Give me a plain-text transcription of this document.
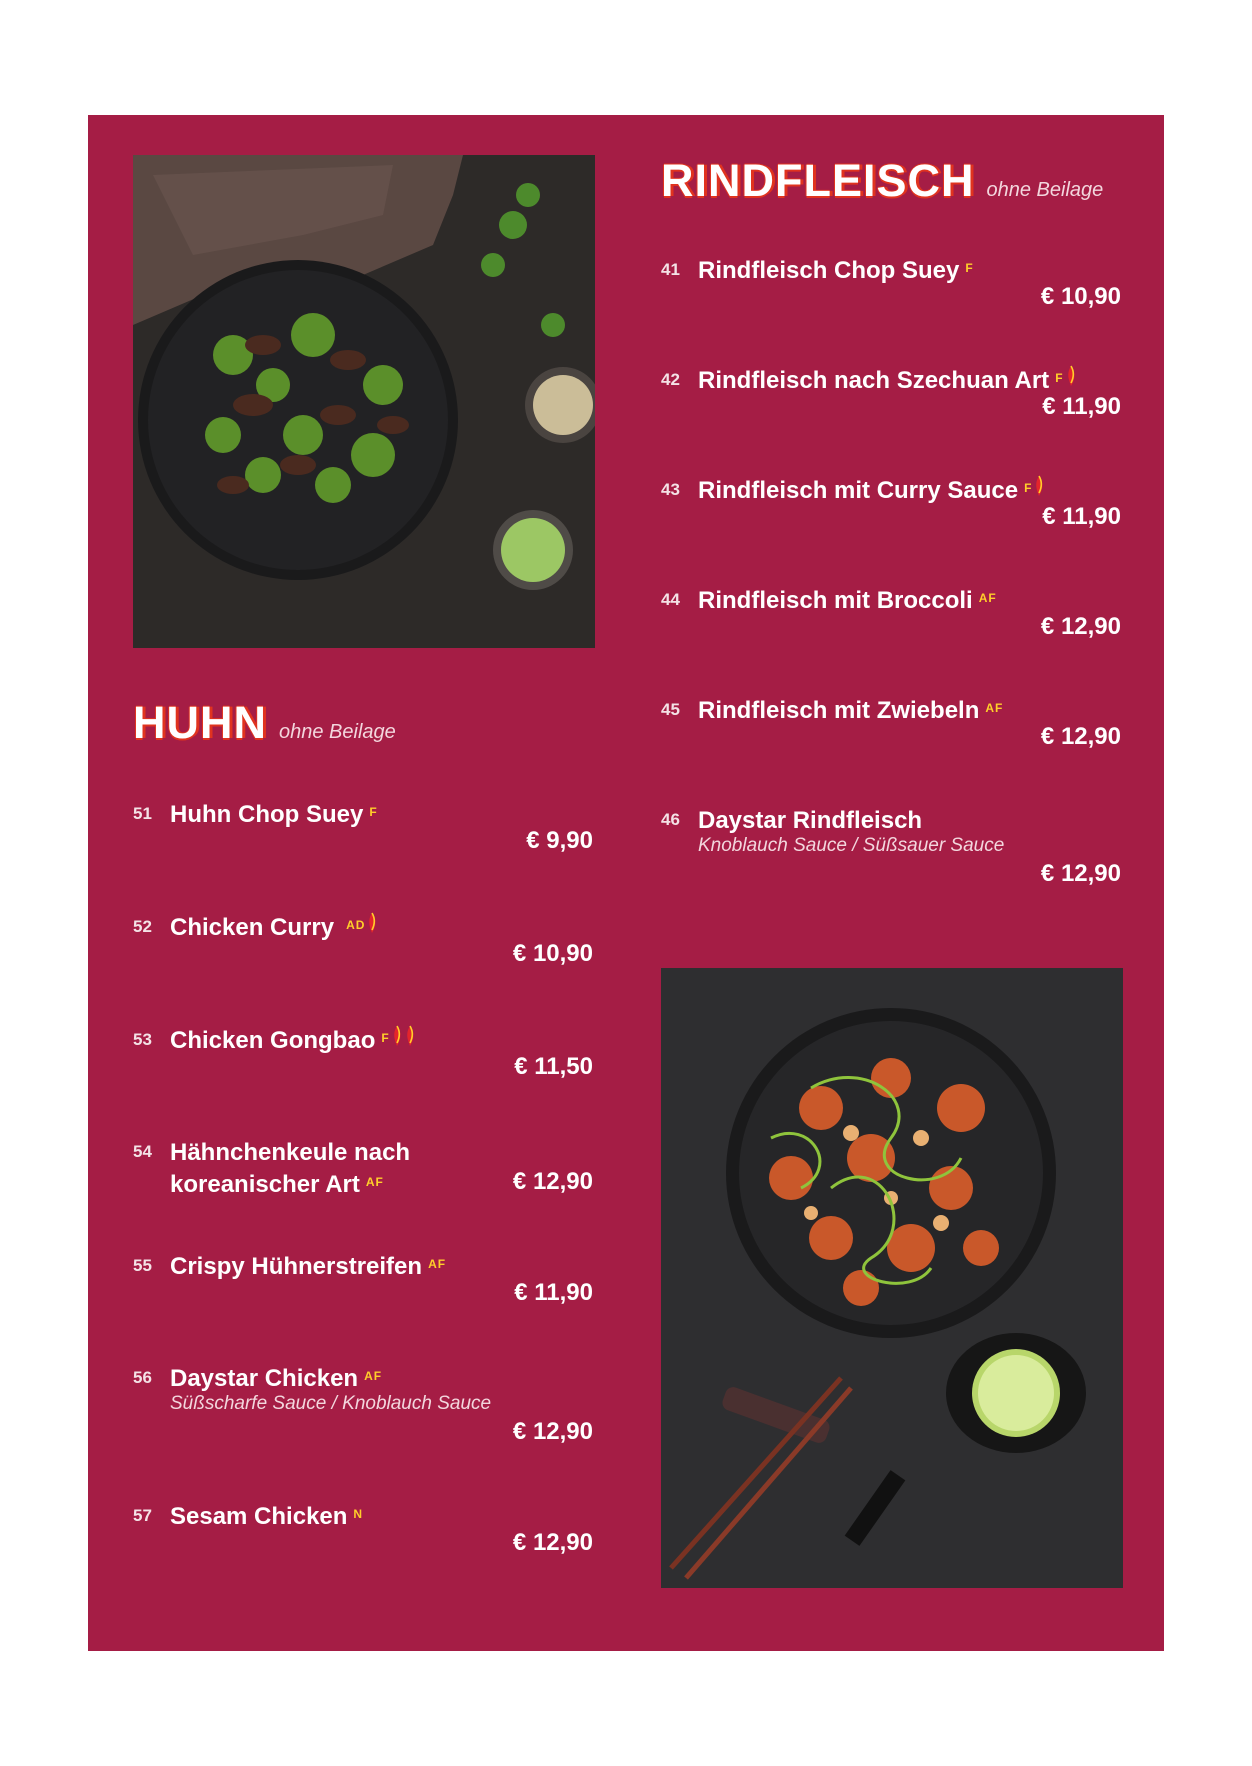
RINDFLEISCH ohne Beilage
41 Rindfleisch Chop Suey $^F$
€ 10,90
42 Rindfleisch nach Szechuan Art $^F$
€ 11,90
43 Rindfleisch mit Curry Sauce $^F$
€ 11,90
44 Rindfleisch mit Broccoli $^{AF}$
€ 12,90
45 Rindfleisch mit Zwiebeln $^{AF}$
€ 12,90
46 Daystar Rindfleisch
Knoblauch Sauce / Süßsauer Sauce
€ 12,90
HUHN ohne Beilage
51 Huhn Chop Suey $^F$
€ 9,90
52 Chicken Curry $^{AD}$
€ 10,90
53 Chicken Gongbao $^F$
€ 11,50
54 Hähnchenkeule nach
koreanischer Art $^{AF}$	€ 12,90
55 Crispy Hühnerstreifen $^{AF}$
€ 11,90
56 Daystar Chicken $^{AF}$
Süßscharfe Sauce / Knoblauch Sauce
€ 12,90
57 Sesam Chicken $^N$
€ 12,90
